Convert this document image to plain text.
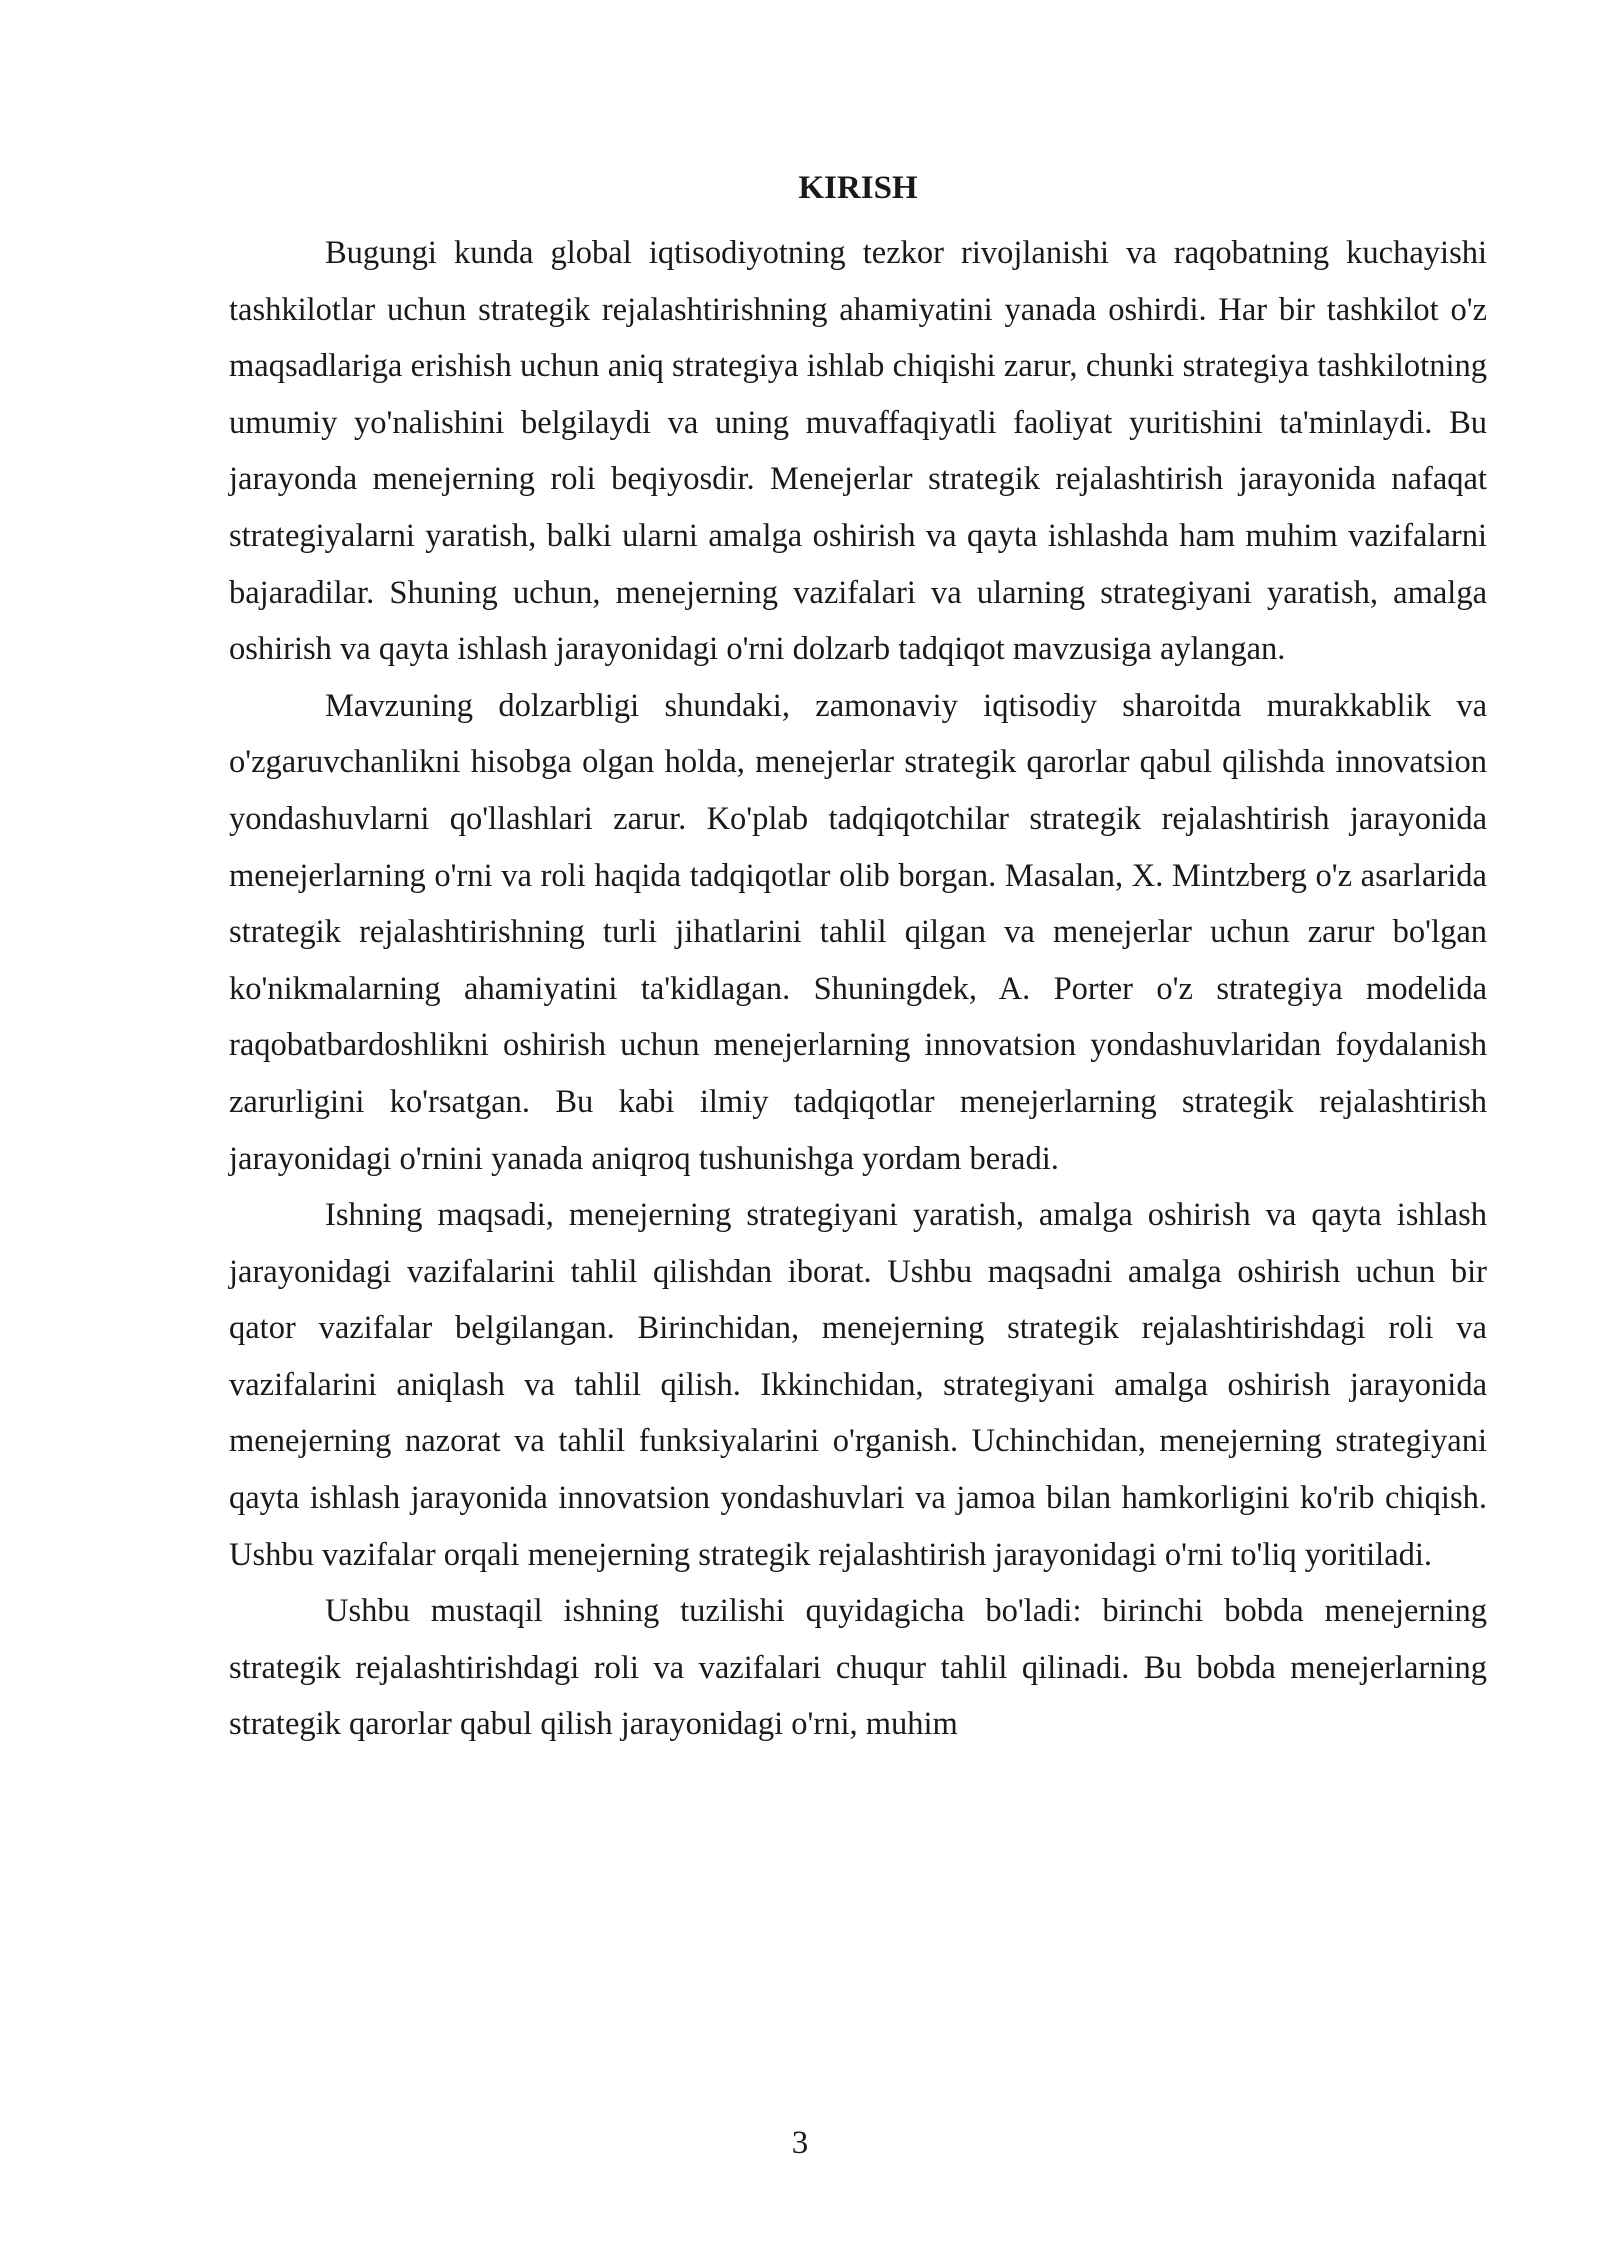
KIRISH

Bugungi kunda global iqtisodiyotning tezkor rivojlanishi va raqobatning kuchayishi tashkilotlar uchun strategik rejalashtirishning ahamiyatini yanada oshirdi. Har bir tashkilot o'z maqsadlariga erishish uchun aniq strategiya ishlab chiqishi zarur, chunki strategiya tashkilotning umumiy yo'nalishini belgilaydi va uning muvaffaqiyatli faoliyat yuritishini ta'minlaydi. Bu jarayonda menejerning roli beqiyosdir. Menejerlar strategik rejalashtirish jarayonida nafaqat strategiyalarni yaratish, balki ularni amalga oshirish va qayta ishlashda ham muhim vazifalarni bajaradilar. Shuning uchun, menejerning vazifalari va ularning strategiyani yaratish, amalga oshirish va qayta ishlash jarayonidagi o'rni dolzarb tadqiqot mavzusiga aylangan.

Mavzuning dolzarbligi shundaki, zamonaviy iqtisodiy sharoitda murakkablik va o'zgaruvchanlikni hisobga olgan holda, menejerlar strategik qarorlar qabul qilishda innovatsion yondashuvlarni qo'llashlari zarur. Ko'plab tadqiqotchilar strategik rejalashtirish jarayonida menejerlarning o'rni va roli haqida tadqiqotlar olib borgan. Masalan, X. Mintzberg o'z asarlarida strategik rejalashtirishning turli jihatlarini tahlil qilgan va menejerlar uchun zarur bo'lgan ko'nikmalarning ahamiyatini ta'kidlagan. Shuningdek, A. Porter o'z strategiya modelida raqobatbardoshlikni oshirish uchun menejerlarning innovatsion yondashuvlaridan foydalanish zarurligini ko'rsatgan. Bu kabi ilmiy tadqiqotlar menejerlarning strategik rejalashtirish jarayonidagi o'rnini yanada aniqroq tushunishga yordam beradi.

Ishning maqsadi, menejerning strategiyani yaratish, amalga oshirish va qayta ishlash jarayonidagi vazifalarini tahlil qilishdan iborat. Ushbu maqsadni amalga oshirish uchun bir qator vazifalar belgilangan. Birinchidan, menejerning strategik rejalashtirishdagi roli va vazifalarini aniqlash va tahlil qilish. Ikkinchidan, strategiyani amalga oshirish jarayonida menejerning nazorat va tahlil funksiyalarini o'rganish. Uchinchidan, menejerning strategiyani qayta ishlash jarayonida innovatsion yondashuvlari va jamoa bilan hamkorligini ko'rib chiqish. Ushbu vazifalar orqali menejerning strategik rejalashtirish jarayonidagi o'rni to'liq yoritiladi.

Ushbu mustaqil ishning tuzilishi quyidagicha bo'ladi: birinchi bobda menejerning strategik rejalashtirishdagi roli va vazifalari chuqur tahlil qilinadi. Bu bobda menejerlarning strategik qarorlar qabul qilish jarayonidagi o'rni, muhim

3
